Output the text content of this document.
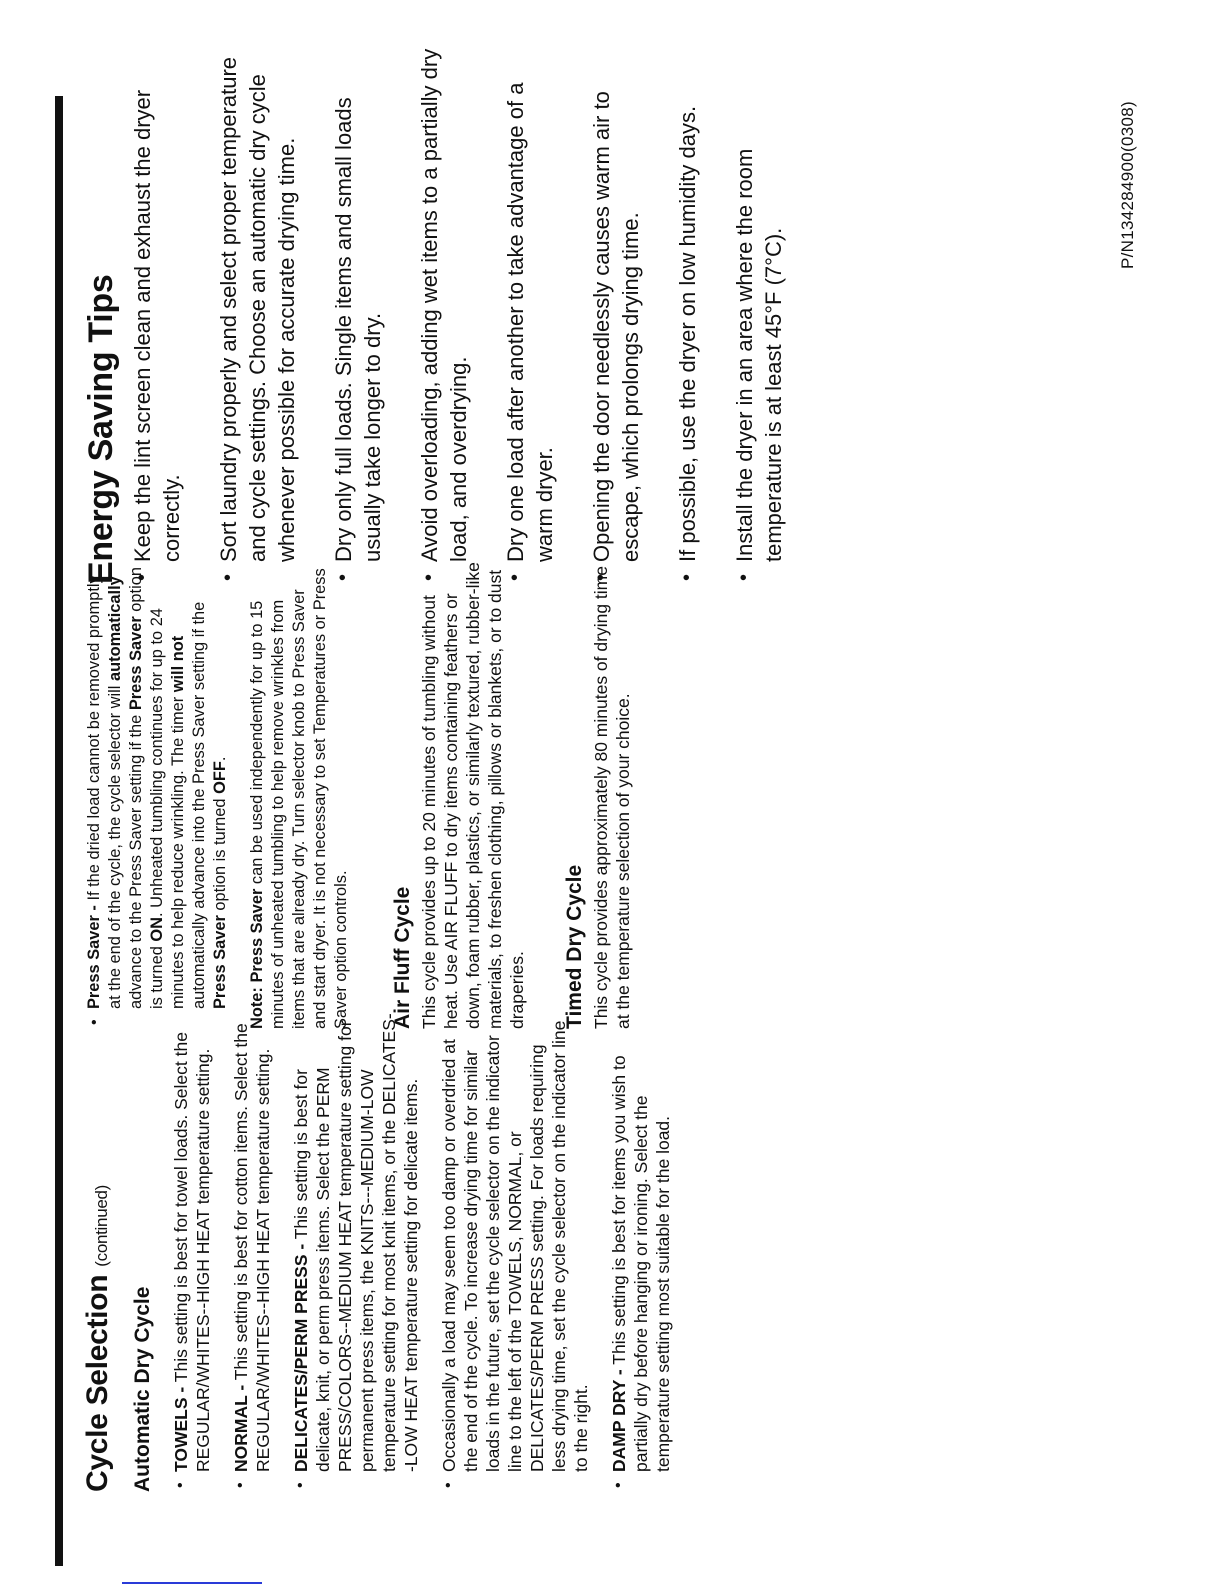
Cycle Selection(continued)
Automatic Dry Cycle • TOWELS - This setting is best for towel loads. Select the REGULAR/WHITES--HIGH HEAT temperature setting. • NORMAL - This setting is best for cotton items. Select the REGULAR/WHITES--HIGH HEAT temperature setting. • DELICATES/PERM PRESS - This setting is best for delicate, knit, or perm press items. Select the PERM PRESS/COLORS--MEDIUM HEAT temperature setting for permanent press items, the KNITS---MEDIUM-LOW temperature setting for most knit items, or the DELICATES--LOW HEAT temperature setting for delicate items. • Occasionally a load may seem too damp or overdried at the end of the cycle. To increase drying time for similar loads in the future, set the cycle selector on the indicator line to the left of the TOWELS, NORMAL, or DELICATES/PERM PRESS setting. For loads requiring less drying time, set the cycle selector on the indicator line to the right. • DAMP DRY - This setting is best for items you wish to partially dry before hanging or ironing. Select the temperature setting most suitable for the load.
• Press Saver - If the dried load cannot be removed promptly at the end of the cycle, the cycle selector will automatically advance to the Press Saver setting if the Press Saver option is turned ON. Unheated tumbling continues for up to 24 minutes to help reduce wrinkling. The timer will not automatically advance into the Press Saver setting if the Press Saver option is turned OFF.
Note: Press Saver can be used independently for up to 15 minutes of unheated tumbling to help remove wrinkles from items that are already dry. Turn selector knob to Press Saver and start dryer. It is not necessary to set Temperatures or Press Saver option controls. Air Fluff Cycle This cycle provides up to 20 minutes of tumbling without heat. Use AIR FLUFF to dry items containing feathers or down, foam rubber, plastics, or similarly textured, rubber-like materials, to freshen clothing, pillows or blankets, or to dust draperies. Timed Dry Cycle This cycle provides approximately 80 minutes of drying time at the temperature selection of your choice.
Energy Saving Tips • Keep the lint screen clean and exhaust the dryer correctly. • Sort laundry properly and select proper temperature and cycle settings. Choose an automatic dry cycle whenever possible for accurate drying time. • Dry only full loads. Single items and small loads usually take longer to dry. • Avoid overloading, adding wet items to a partially dry load, and overdrying. • Dry one load after another to take advantage of a warm dryer. • Opening the door needlessly causes warm air to escape, which prolongs drying time. • If possible, use the dryer on low humidity days. • Install the dryer in an area where the room temperature is at least 45°F (7°C).
P/N134284900(0308)
